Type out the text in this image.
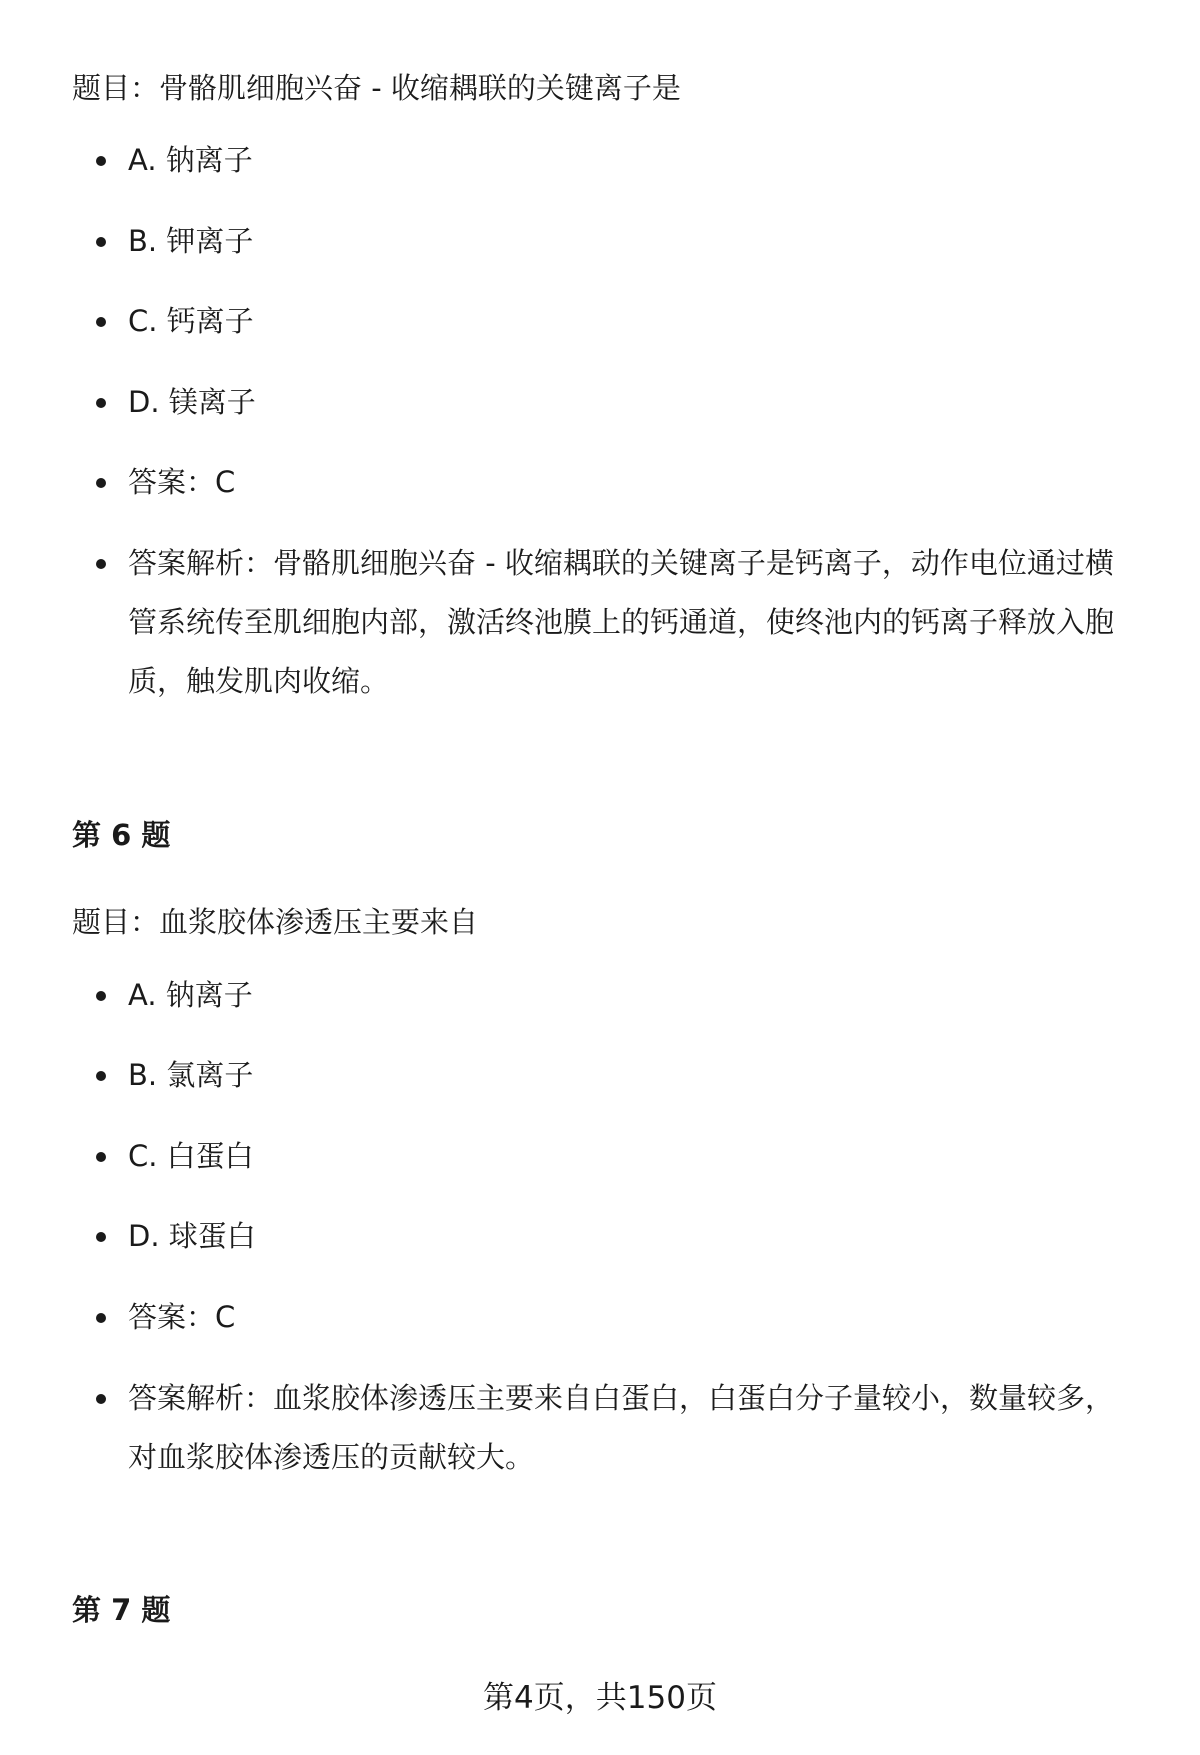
题目：骨骼肌细胞兴奋 - 收缩耦联的关键离子是
A. 钠离子
B. 钾离子
C. 钙离子
D. 镁离子
答案：C
答案解析：骨骼肌细胞兴奋 - 收缩耦联的关键离子是钙离子，动作电位通过横管系统传至肌细胞内部，激活终池膜上的钙通道，使终池内的钙离子释放入胞质，触发肌肉收缩。
第 6 题
题目：血浆胶体渗透压主要来自
A. 钠离子
B. 氯离子
C. 白蛋白
D. 球蛋白
答案：C
答案解析：血浆胶体渗透压主要来自白蛋白，白蛋白分子量较小，数量较多，对血浆胶体渗透压的贡献较大。
第 7 题
第4页，共150页
